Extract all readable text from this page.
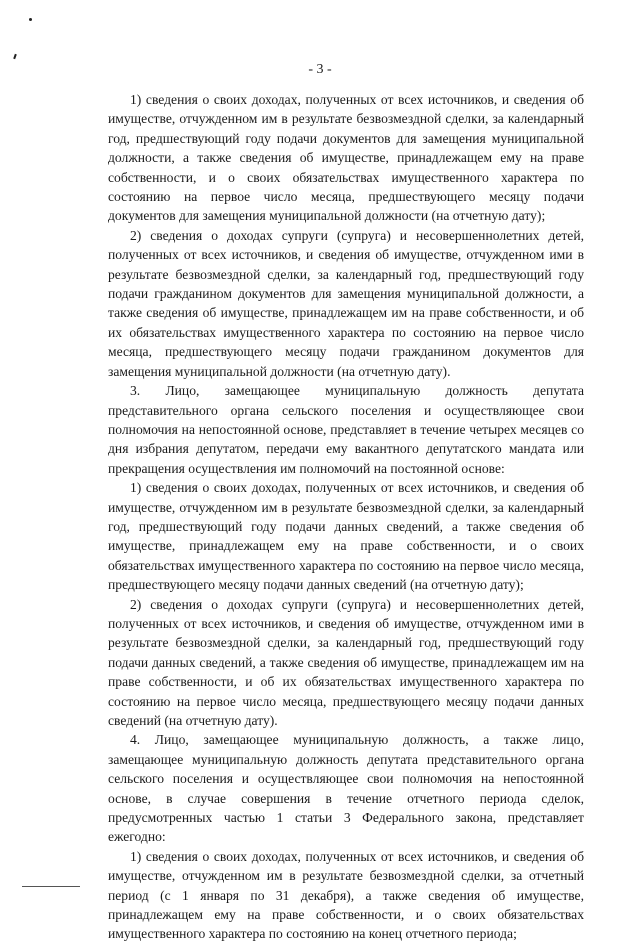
- 3 -

1) сведения о своих доходах, полученных от всех источников, и сведения об имуществе, отчужденном им в результате безвозмездной сделки, за календарный год, предшествующий году подачи документов для замещения муниципальной должности, а также сведения об имуществе, принадлежащем ему на праве собственности, и о своих обязательствах имущественного характера по состоянию на первое число месяца, предшествующего месяцу подачи документов для замещения муниципальной должности (на отчетную дату);

2) сведения о доходах супруги (супруга) и несовершеннолетних детей, полученных от всех источников, и сведения об имуществе, отчужденном ими в результате безвозмездной сделки, за календарный год, предшествующий году подачи гражданином документов для замещения муниципальной должности, а также сведения об имуществе, принадлежащем им на праве собственности, и об их обязательствах имущественного характера по состоянию на первое число месяца, предшествующего месяцу подачи гражданином документов для замещения муниципальной должности (на отчетную дату).

3. Лицо, замещающее муниципальную должность депутата представительного органа сельского поселения и осуществляющее свои полномочия на непостоянной основе, представляет в течение четырех месяцев со дня избрания депутатом, передачи ему вакантного депутатского мандата или прекращения осуществления им полномочий на постоянной основе:

1) сведения о своих доходах, полученных от всех источников, и сведения об имуществе, отчужденном им в результате безвозмездной сделки, за календарный год, предшествующий году подачи данных сведений, а также сведения об имуществе, принадлежащем ему на праве собственности, и о своих обязательствах имущественного характера по состоянию на первое число месяца, предшествующего месяцу подачи данных сведений (на отчетную дату);

2) сведения о доходах супруги (супруга) и несовершеннолетних детей, полученных от всех источников, и сведения об имуществе, отчужденном ими в результате безвозмездной сделки, за календарный год, предшествующий году подачи данных сведений, а также сведения об имуществе, принадлежащем им на праве собственности, и об их обязательствах имущественного характера по состоянию на первое число месяца, предшествующего месяцу подачи данных сведений (на отчетную дату).

4. Лицо, замещающее муниципальную должность, а также лицо, замещающее муниципальную должность депутата представительного органа сельского поселения и осуществляющее свои полномочия на непостоянной основе, в случае совершения в течение отчетного периода сделок, предусмотренных частью 1 статьи 3 Федерального закона, представляет ежегодно:

1) сведения о своих доходах, полученных от всех источников, и сведения об имуществе, отчужденном им в результате безвозмездной сделки, за отчетный период (с 1 января по 31 декабря), а также сведения об имуществе, принадлежащем ему на праве собственности, и о своих обязательствах имущественного характера по состоянию на конец отчетного периода;
